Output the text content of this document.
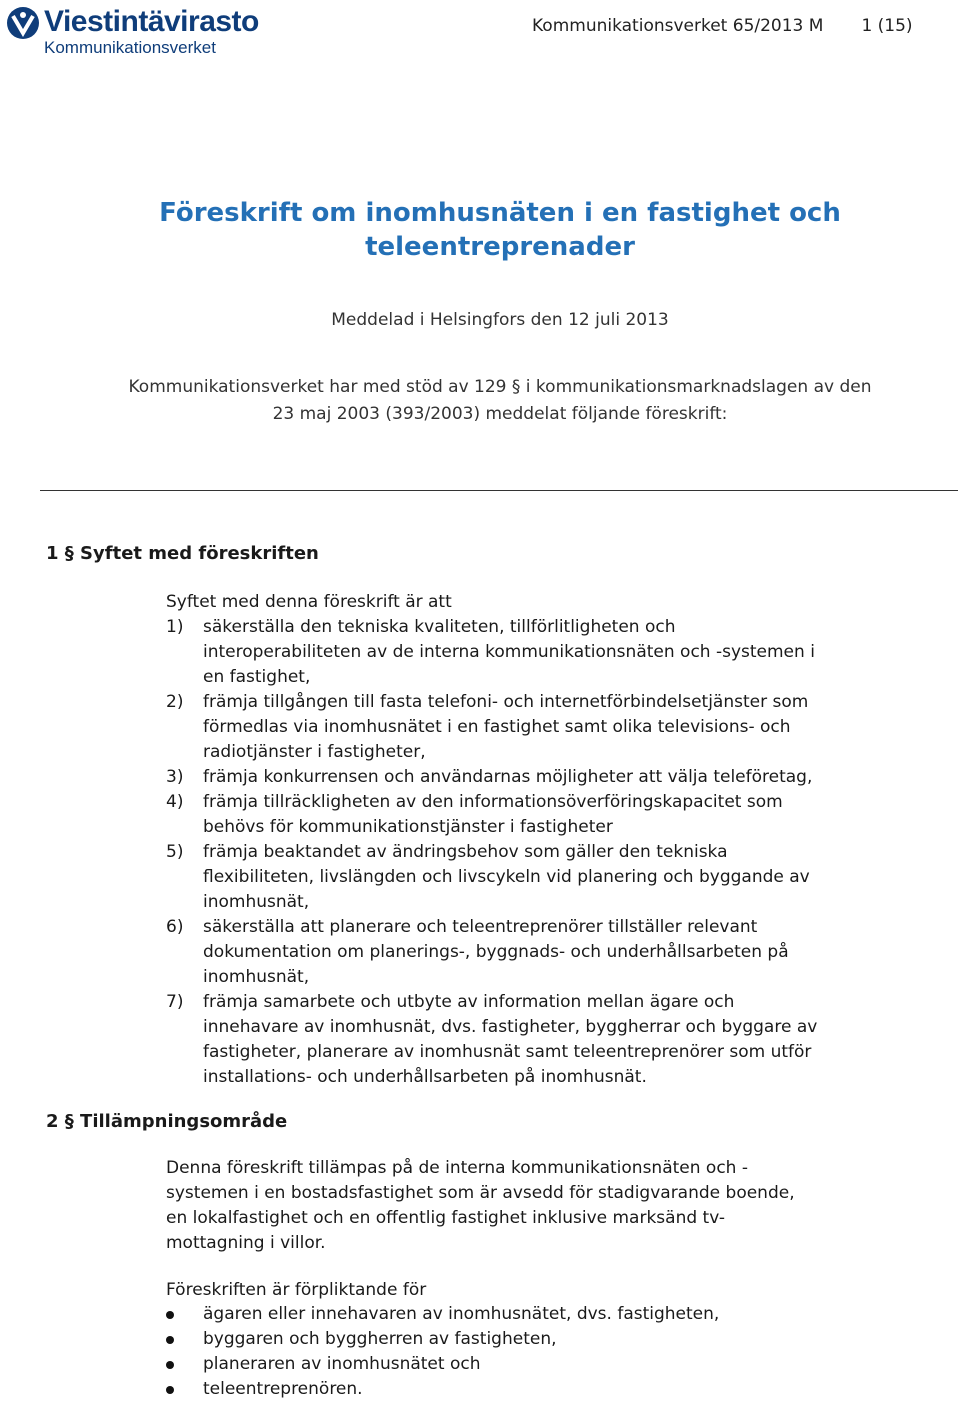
Viestintävirasto
Kommunikationsverket
Kommunikationsverket 65/2013 M 1 (15)
Föreskrift om inomhusnäten i en fastighet och
teleentreprenader
Meddelad i Helsingfors den 12 juli 2013
Kommunikationsverket har med stöd av 129 § i kommunikationsmarknadslagen av den
23 maj 2003 (393/2003) meddelat följande föreskrift:
1 § Syftet med föreskriften
Syftet med denna föreskrift är att
1) säkerställa den tekniska kvaliteten, tillförlitligheten och
interoperabiliteten av de interna kommunikationsnäten och -systemen i
en fastighet,
2) främja tillgången till fasta telefoni- och internetförbindelsetjänster som
förmedlas via inomhusnätet i en fastighet samt olika televisions- och
radiotjänster i fastigheter,
3) främja konkurrensen och användarnas möjligheter att välja teleföretag,
4) främja tillräckligheten av den informationsöverföringskapacitet som
behövs för kommunikationstjänster i fastigheter
5) främja beaktandet av ändringsbehov som gäller den tekniska
flexibiliteten, livslängden och livscykeln vid planering och byggande av
inomhusnät,
6) säkerställa att planerare och teleentreprenörer tillställer relevant
dokumentation om planerings-, byggnads- och underhållsarbeten på
inomhusnät,
7) främja samarbete och utbyte av information mellan ägare och
innehavare av inomhusnät, dvs. fastigheter, byggherrar och byggare av
fastigheter, planerare av inomhusnät samt teleentreprenörer som utför
installations- och underhållsarbeten på inomhusnät.
2 § Tillämpningsområde
Denna föreskrift tillämpas på de interna kommunikationsnäten och -
systemen i en bostadsfastighet som är avsedd för stadigvarande boende,
en lokalfastighet och en offentlig fastighet inklusive marksänd tv-
mottagning i villor.
Föreskriften är förpliktande för
ägaren eller innehavaren av inomhusnätet, dvs. fastigheten,
byggaren och byggherren av fastigheten,
planeraren av inomhusnätet och
teleentreprenören.
